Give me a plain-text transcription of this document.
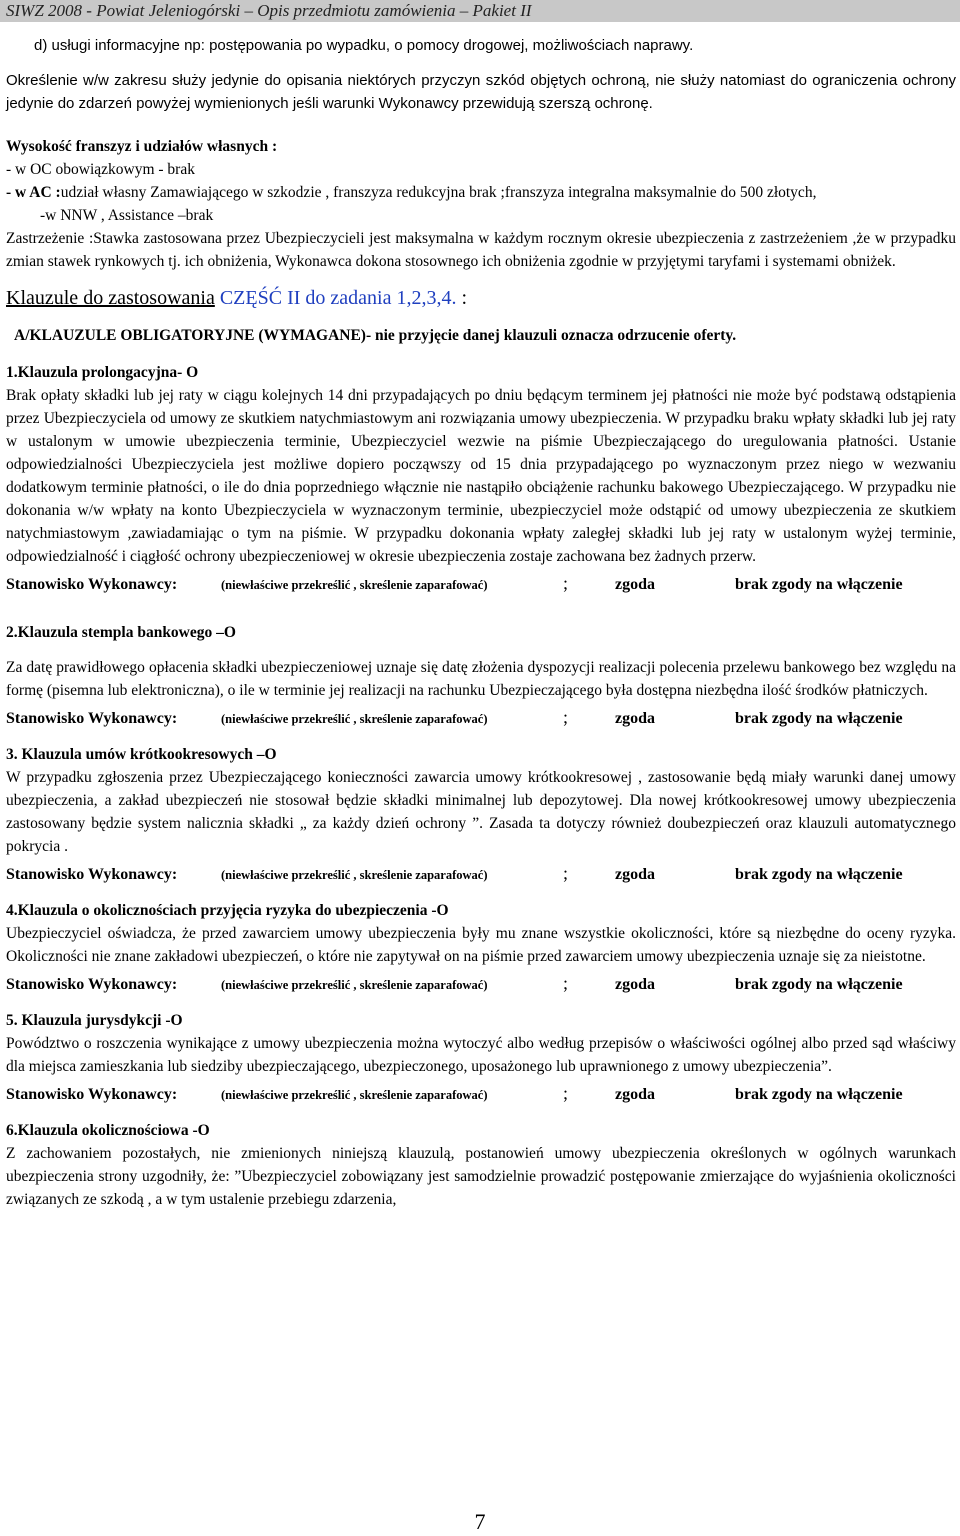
SIWZ 2008 - Powiat Jeleniogórski – Opis przedmiotu zamówienia – Pakiet II

d) usługi informacyjne np: postępowania po wypadku, o pomocy drogowej, możliwościach naprawy.

Określenie w/w zakresu służy jedynie do opisania niektórych przyczyn szkód objętych ochroną, nie służy natomiast do ograniczenia ochrony jedynie do zdarzeń powyżej wymienionych jeśli warunki Wykonawcy przewidują szerszą ochronę.

Wysokość franszyz i udziałów własnych :

- w OC obowiązkowym - brak

- w AC :udział własny Zamawiającego w szkodzie , franszyza redukcyjna brak ;franszyza integralna maksymalnie do 500 złotych,

-w NNW , Assistance –brak

Zastrzeżenie :Stawka zastosowana przez Ubezpieczycieli jest maksymalna w każdym rocznym okresie ubezpieczenia z zastrzeżeniem ,że w przypadku zmian stawek rynkowych tj. ich obniżenia, Wykonawca dokona stosownego ich obniżenia zgodnie w przyjętymi taryfami i systemami obniżek.

Klauzule do zastosowania CZĘŚĆ II do zadania 1,2,3,4. :

A/KLAUZULE OBLIGATORYJNE (WYMAGANE)- nie przyjęcie danej klauzuli oznacza odrzucenie oferty.

1.Klauzula prolongacyjna- O

Brak opłaty składki lub jej raty w ciągu kolejnych 14 dni przypadających po dniu będącym terminem jej płatności nie może być podstawą odstąpienia przez Ubezpieczyciela od umowy ze skutkiem natychmiastowym ani rozwiązania umowy ubezpieczenia. W przypadku braku wpłaty składki lub jej raty w ustalonym w umowie ubezpieczenia terminie, Ubezpieczyciel wezwie na piśmie Ubezpieczającego do uregulowania płatności. Ustanie odpowiedzialności Ubezpieczyciela jest możliwe dopiero począwszy od 15 dnia przypadającego po wyznaczonym przez niego w wezwaniu dodatkowym terminie płatności, o ile do dnia poprzedniego włącznie nie nastąpiło obciążenie rachunku bakowego Ubezpieczającego. W przypadku nie dokonania w/w wpłaty na konto Ubezpieczyciela w wyznaczonym terminie, ubezpieczyciel może odstąpić od umowy ubezpieczenia ze skutkiem natychmiastowym ,zawiadamiając o tym na piśmie. W przypadku dokonania wpłaty zaległej składki lub jej raty w ustalonym wyżej terminie, odpowiedzialność i ciągłość ochrony ubezpieczeniowej w okresie ubezpieczenia zostaje zachowana bez żadnych przerw.

Stanowisko Wykonawcy:	(niewłaściwe przekreślić , skreślenie zaparafować)	;	zgoda	brak zgody na włączenie

2.Klauzula stempla bankowego –O

Za datę prawidłowego opłacenia składki ubezpieczeniowej uznaje się datę złożenia dyspozycji realizacji polecenia przelewu bankowego bez względu na formę (pisemna lub elektroniczna), o ile w terminie jej realizacji na rachunku Ubezpieczającego była dostępna niezbędna ilość środków płatniczych.

Stanowisko Wykonawcy:	(niewłaściwe przekreślić , skreślenie zaparafować)	;	zgoda	brak zgody na włączenie

3. Klauzula umów krótkookresowych –O

W przypadku zgłoszenia przez Ubezpieczającego konieczności zawarcia umowy krótkookresowej , zastosowanie będą miały warunki danej umowy ubezpieczenia, a zakład ubezpieczeń nie stosował będzie składki minimalnej lub depozytowej. Dla nowej krótkookresowej umowy ubezpieczenia zastosowany będzie system nalicznia składki „ za każdy dzień ochrony ”. Zasada ta dotyczy również doubezpieczeń oraz klauzuli automatycznego pokrycia .

Stanowisko Wykonawcy:	(niewłaściwe przekreślić , skreślenie zaparafować)	;	zgoda	brak zgody na włączenie

4.Klauzula o okolicznościach przyjęcia ryzyka do ubezpieczenia -O

Ubezpieczyciel oświadcza, że przed zawarciem umowy ubezpieczenia były mu znane wszystkie okoliczności, które są niezbędne do oceny ryzyka. Okoliczności nie znane zakładowi ubezpieczeń, o które nie zapytywał on na piśmie przed zawarciem umowy ubezpieczenia uznaje się za nieistotne.

Stanowisko Wykonawcy:	(niewłaściwe przekreślić , skreślenie zaparafować)	;	zgoda	brak zgody na włączenie

5. Klauzula jurysdykcji -O

Powództwo o roszczenia wynikające z umowy ubezpieczenia można wytoczyć albo według przepisów o właściwości ogólnej albo przed sąd właściwy dla miejsca zamieszkania lub siedziby ubezpieczającego, ubezpieczonego, uposażonego lub uprawnionego z umowy ubezpieczenia”.

Stanowisko Wykonawcy:	(niewłaściwe przekreślić , skreślenie zaparafować)	;	zgoda	brak zgody na włączenie

6.Klauzula okolicznościowa -O

Z zachowaniem pozostałych, nie zmienionych niniejszą klauzulą, postanowień umowy ubezpieczenia określonych w ogólnych warunkach ubezpieczenia strony uzgodniły, że: ”Ubezpieczyciel zobowiązany jest samodzielnie prowadzić postępowanie zmierzające do wyjaśnienia okoliczności związanych ze szkodą , a w tym ustalenie przebiegu zdarzenia,

7
